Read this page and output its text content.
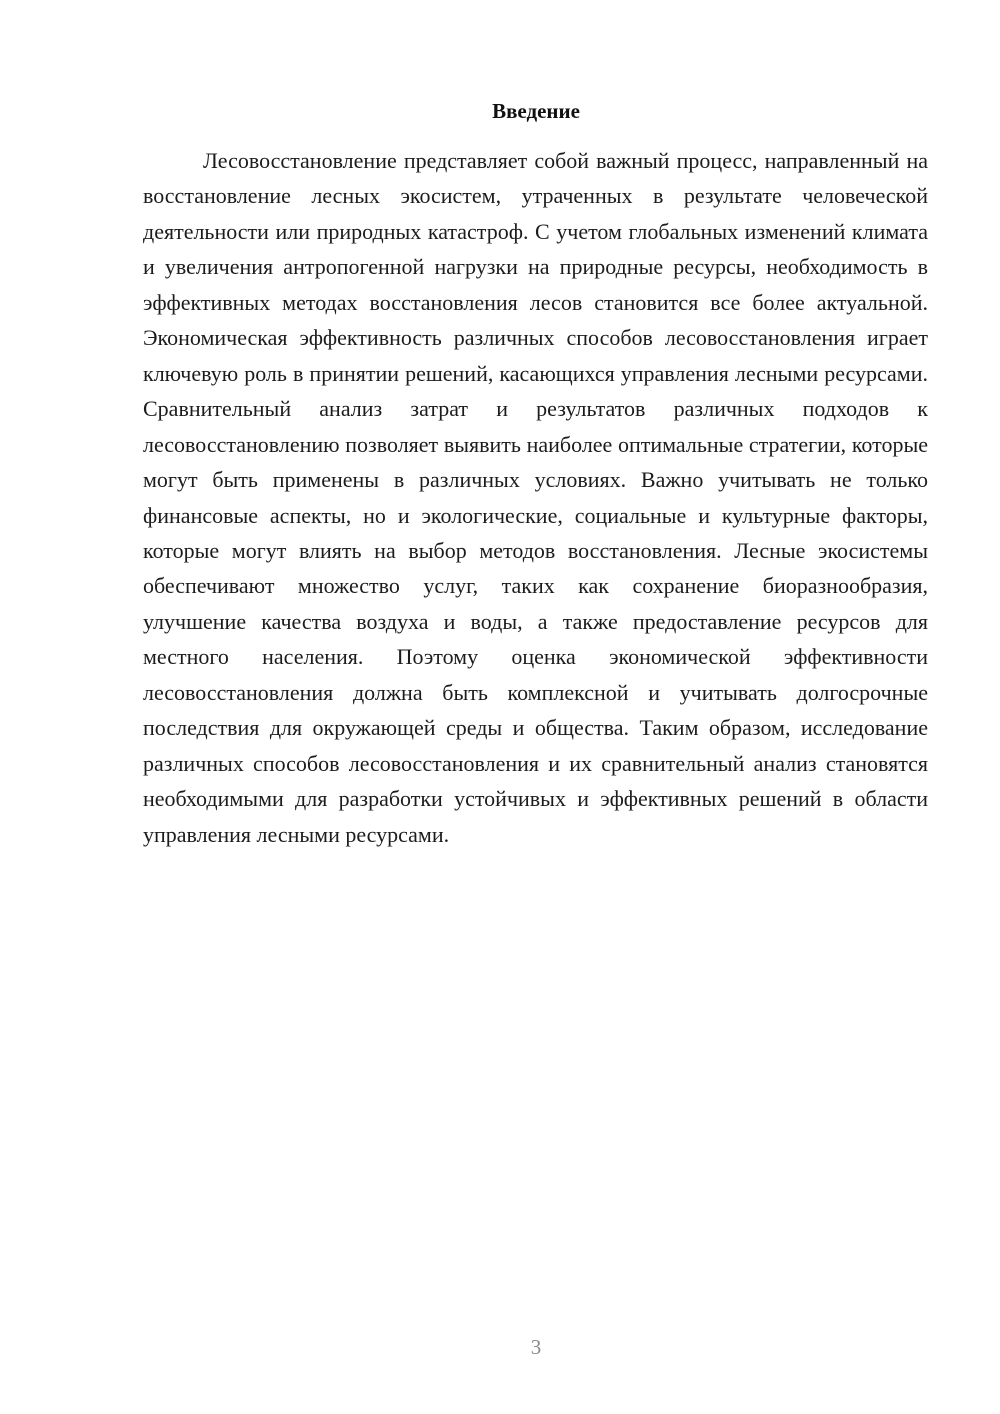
Введение

Лесовосстановление представляет собой важный процесс, направленный на восстановление лесных экосистем, утраченных в результате человеческой деятельности или природных катастроф. С учетом глобальных изменений климата и увеличения антропогенной нагрузки на природные ресурсы, необходимость в эффективных методах восстановления лесов становится все более актуальной. Экономическая эффективность различных способов лесовосстановления играет ключевую роль в принятии решений, касающихся управления лесными ресурсами. Сравнительный анализ затрат и результатов различных подходов к лесовосстановлению позволяет выявить наиболее оптимальные стратегии, которые могут быть применены в различных условиях. Важно учитывать не только финансовые аспекты, но и экологические, социальные и культурные факторы, которые могут влиять на выбор методов восстановления. Лесные экосистемы обеспечивают множество услуг, таких как сохранение биоразнообразия, улучшение качества воздуха и воды, а также предоставление ресурсов для местного населения. Поэтому оценка экономической эффективности лесовосстановления должна быть комплексной и учитывать долгосрочные последствия для окружающей среды и общества. Таким образом, исследование различных способов лесовосстановления и их сравнительный анализ становятся необходимыми для разработки устойчивых и эффективных решений в области управления лесными ресурсами.

3
